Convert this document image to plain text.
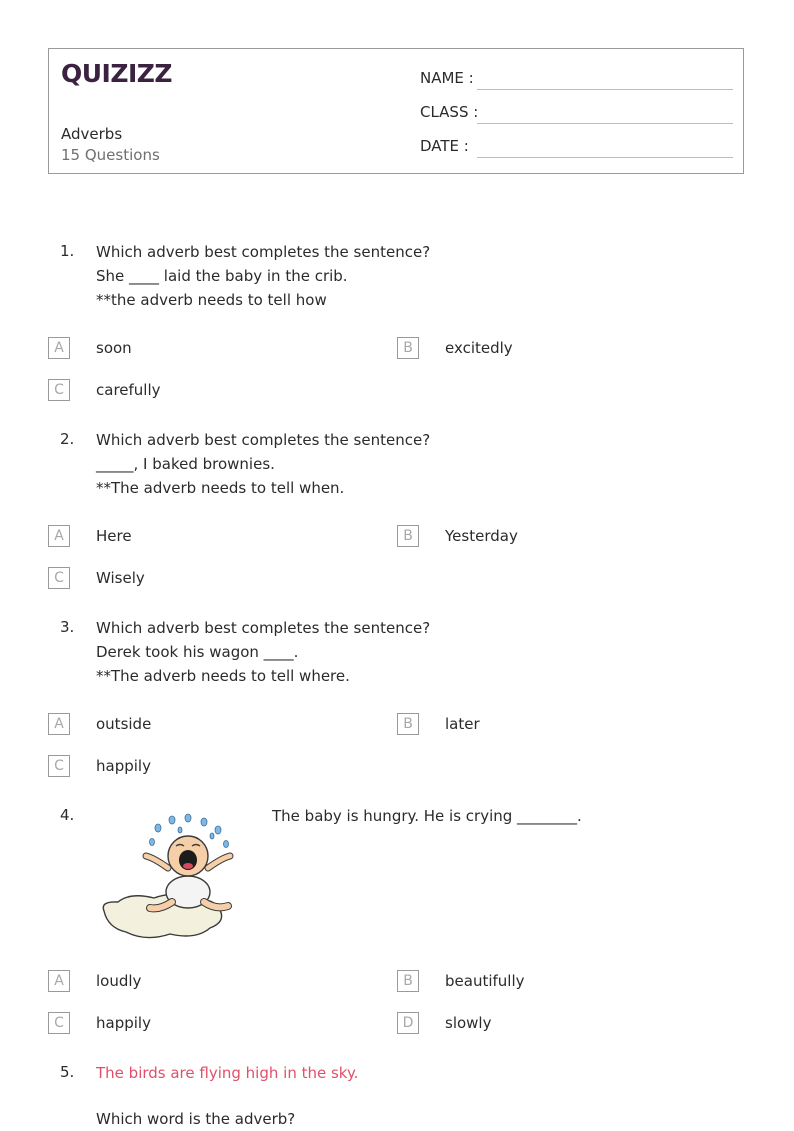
QUIZIZZ
Adverbs
15 Questions
NAME :
CLASS :
DATE :
1. Which adverb best completes the sentence?
She ____ laid the baby in the crib.
**the adverb needs to tell how
A	soon	B	excitedly
C	carefully
2. Which adverb best completes the sentence?
_____, I baked brownies.
**The adverb needs to tell when.
A	Here	B	Yesterday
C	Wisely
3. Which adverb best completes the sentence?
Derek took his wagon ____.
**The adverb needs to tell where.
A	outside	B	later
C	happily
4.	The baby is hungry. He is crying ________.
A	loudly	B	beautifully
C	happily	D	slowly
5. The birds are flying high in the sky.
Which word is the adverb?
